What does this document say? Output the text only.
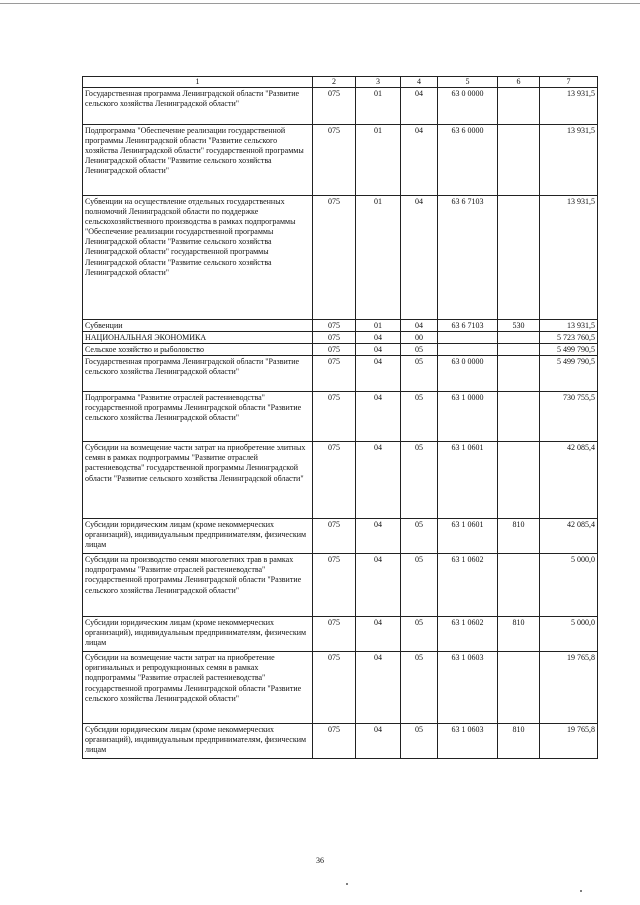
1	2	3	4	5	6	7
Государственная программа Ленинградской области "Развитие сельского хозяйства Ленинградской области"	075	01	04	63 0 0000		13 931,5
Подпрограмма "Обеспечение реализации государственной программы Ленинградской области "Развитие сельского хозяйства Ленинградской области" государственной программы Ленинградской области "Развитие сельского хозяйства Ленинградской области"	075	01	04	63 6 0000		13 931,5
Субвенции на осуществление отдельных государственных полномочий Ленинградской области по поддержке сельскохозяйственного производства в рамках подпрограммы "Обеспечение реализации государственной программы Ленинградской области "Развитие сельского хозяйства Ленинградской области" государственной программы Ленинградской области "Развитие сельского хозяйства Ленинградской области"	075	01	04	63 6 7103		13 931,5
Субвенции	075	01	04	63 6 7103	530	13 931,5
НАЦИОНАЛЬНАЯ ЭКОНОМИКА	075	04	00			5 723 760,5
Сельское хозяйство и рыболовство	075	04	05			5 499 790,5
Государственная программа Ленинградской области "Развитие сельского хозяйства Ленинградской области"	075	04	05	63 0 0000		5 499 790,5
Подпрограмма "Развитие отраслей растениеводства" государственной программы Ленинградской области "Развитие сельского хозяйства Ленинградской области"	075	04	05	63 1 0000		730 755,5
Субсидии на возмещение части затрат на приобретение элитных семян в рамках подпрограммы "Развитие отраслей растениеводства" государственной программы Ленинградской области "Развитие сельского хозяйства Ленинградской области"	075	04	05	63 1 0601		42 085,4
Субсидии юридическим лицам (кроме некоммерческих организаций), индивидуальным предпринимателям, физическим лицам	075	04	05	63 1 0601	810	42 085,4
Субсидии на производство семян многолетних трав в рамках подпрограммы "Развитие отраслей растениеводства" государственной программы Ленинградской области "Развитие сельского хозяйства Ленинградской области"	075	04	05	63 1 0602		5 000,0
Субсидии юридическим лицам (кроме некоммерческих организаций), индивидуальным предпринимателям, физическим лицам	075	04	05	63 1 0602	810	5 000,0
Субсидии на возмещение части затрат на приобретение оригинальных и репродукционных семян в рамках подпрограммы "Развитие отраслей растениеводства" государственной программы Ленинградской области "Развитие сельского хозяйства Ленинградской области"	075	04	05	63 1 0603		19 765,8
Субсидии юридическим лицам (кроме некоммерческих организаций), индивидуальным предпринимателям, физическим лицам	075	04	05	63 1 0603	810	19 765,8
36
